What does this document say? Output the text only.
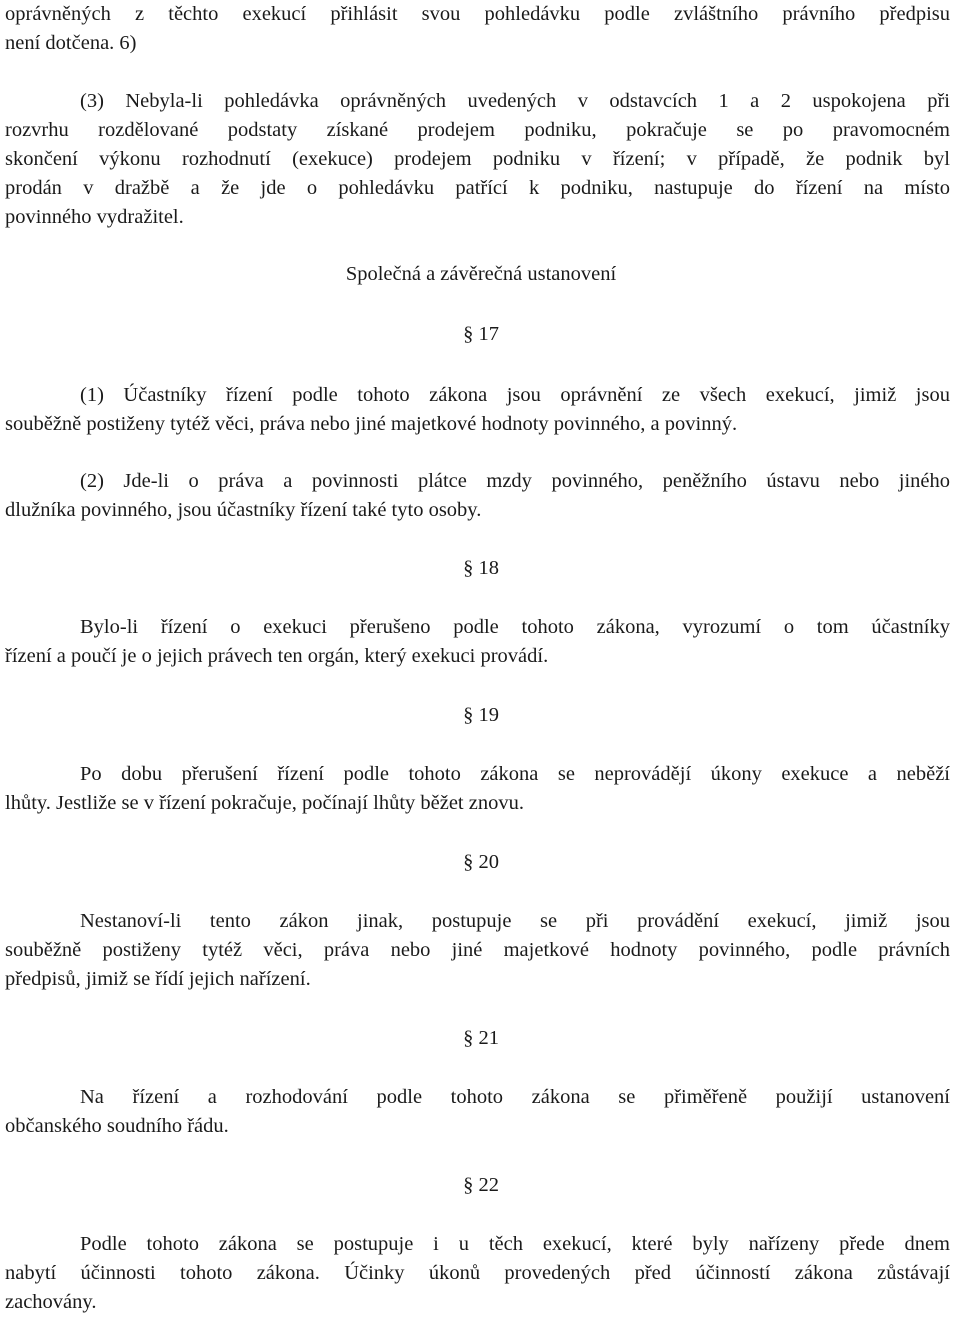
oprávněných z těchto exekucí přihlásit svou pohledávku podle zvláštního právního předpisu
není dotčena. 6)
(3) Nebyla-li pohledávka oprávněných uvedených v odstavcích 1 a 2 uspokojena při
rozvrhu rozdělované podstaty získané prodejem podniku, pokračuje se po pravomocném
skončení výkonu rozhodnutí (exekuce) prodejem podniku v řízení; v případě, že podnik byl
prodán v dražbě a že jde o pohledávku patřící k podniku, nastupuje do řízení na místo
povinného vydražitel.
Společná a závěrečná ustanovení
§ 17
(1) Účastníky řízení podle tohoto zákona jsou oprávnění ze všech exekucí, jimiž jsou
souběžně postiženy tytéž věci, práva nebo jiné majetkové hodnoty povinného, a povinný.
(2) Jde-li o práva a povinnosti plátce mzdy povinného, peněžního ústavu nebo jiného
dlužníka povinného, jsou účastníky řízení také tyto osoby.
§ 18
Bylo-li řízení o exekuci přerušeno podle tohoto zákona, vyrozumí o tom účastníky
řízení a poučí je o jejich právech ten orgán, který exekuci provádí.
§ 19
Po dobu přerušení řízení podle tohoto zákona se neprovádějí úkony exekuce a neběží
lhůty. Jestliže se v řízení pokračuje, počínají lhůty běžet znovu.
§ 20
Nestanoví-li tento zákon jinak, postupuje se při provádění exekucí, jimiž jsou
souběžně postiženy tytéž věci, práva nebo jiné majetkové hodnoty povinného, podle právních
předpisů, jimiž se řídí jejich nařízení.
§ 21
Na řízení a rozhodování podle tohoto zákona se přiměřeně použijí ustanovení
občanského soudního řádu.
§ 22
Podle tohoto zákona se postupuje i u těch exekucí, které byly nařízeny přede dnem
nabytí účinnosti tohoto zákona. Účinky úkonů provedených před účinností zákona zůstávají
zachovány.
